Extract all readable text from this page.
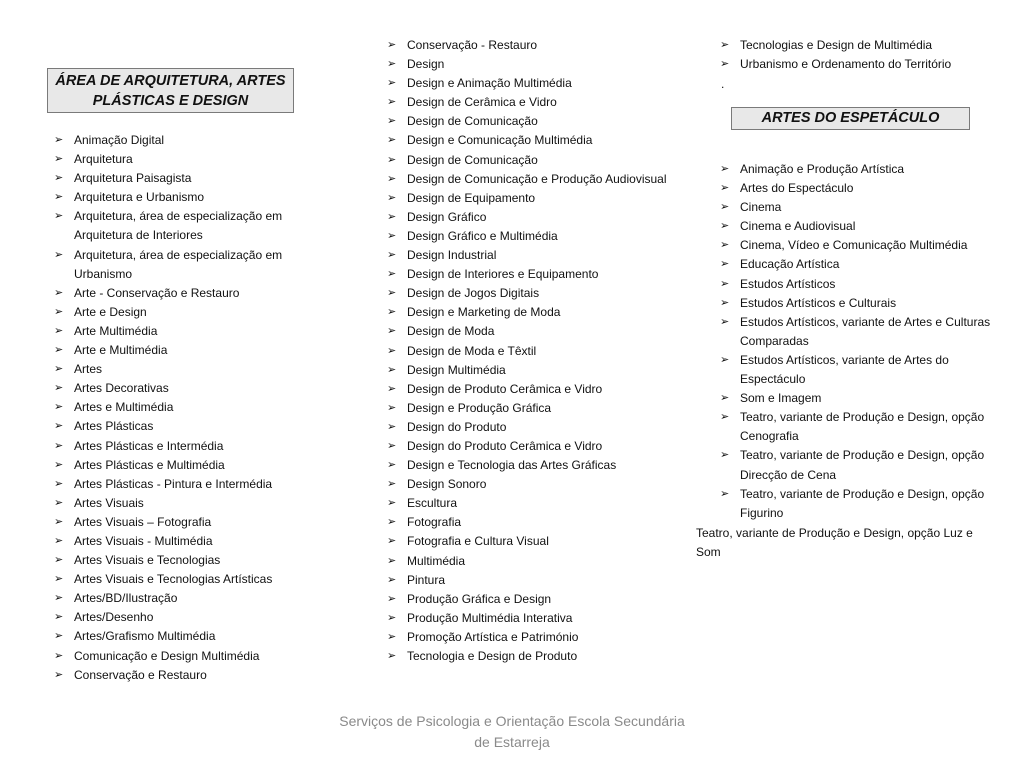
ÁREA DE ARQUITETURA, ARTES PLÁSTICAS E DESIGN
➢ Animação Digital
➢ Arquitetura
➢ Arquitetura Paisagista
➢ Arquitetura e Urbanismo
➢ Arquitetura, área de especialização em Arquitetura de Interiores
➢ Arquitetura, área de especialização em Urbanismo
➢ Arte - Conservação e Restauro
➢ Arte e Design
➢ Arte Multimédia
➢ Arte e Multimédia
➢ Artes
➢ Artes Decorativas
➢ Artes e Multimédia
➢ Artes Plásticas
➢ Artes Plásticas e Intermédia
➢ Artes Plásticas e Multimédia
➢ Artes Plásticas - Pintura e Intermédia
➢ Artes Visuais
➢ Artes Visuais – Fotografia
➢ Artes Visuais - Multimédia
➢ Artes Visuais e Tecnologias
➢ Artes Visuais e Tecnologias Artísticas
➢ Artes/BD/Ilustração
➢ Artes/Desenho
➢ Artes/Grafismo Multimédia
➢ Comunicação e Design Multimédia
➢ Conservação e Restauro
➢ Conservação - Restauro
➢ Design
➢ Design e Animação Multimédia
➢ Design de Cerâmica e Vidro
➢ Design de Comunicação
➢ Design e Comunicação Multimédia
➢ Design de Comunicação
➢ Design de Comunicação e Produção Audiovisual
➢ Design de Equipamento
➢ Design Gráfico
➢ Design Gráfico e Multimédia
➢ Design Industrial
➢ Design de Interiores e Equipamento
➢ Design de Jogos Digitais
➢ Design e Marketing de Moda
➢ Design de Moda
➢ Design de Moda e Têxtil
➢ Design Multimédia
➢ Design de Produto Cerâmica e Vidro
➢ Design e Produção Gráfica
➢ Design do Produto
➢ Design do Produto Cerâmica e Vidro
➢ Design e Tecnologia das Artes Gráficas
➢ Design Sonoro
➢ Escultura
➢ Fotografia
➢ Fotografia e Cultura Visual
➢ Multimédia
➢ Pintura
➢ Produção Gráfica e Design
➢ Produção Multimédia Interativa
➢ Promoção Artística e Património
➢ Tecnologia e Design de Produto
➢ Tecnologias e Design de Multimédia
➢ Urbanismo e Ordenamento do Território
.
ARTES DO ESPETÁCULO
➢ Animação e Produção Artística
➢ Artes do Espectáculo
➢ Cinema
➢ Cinema e Audiovisual
➢ Cinema, Vídeo e Comunicação Multimédia
➢ Educação Artística
➢ Estudos Artísticos
➢ Estudos Artísticos e Culturais
➢ Estudos Artísticos, variante de Artes e Culturas Comparadas
➢ Estudos Artísticos, variante de Artes do Espectáculo
➢ Som e Imagem
➢ Teatro, variante de Produção e Design, opção Cenografia
➢ Teatro, variante de Produção e Design, opção Direcção de Cena
➢ Teatro, variante de Produção e Design, opção Figurino
Teatro, variante de Produção e Design, opção Luz e Som
Serviços de Psicologia e Orientação Escola Secundária de Estarreja
